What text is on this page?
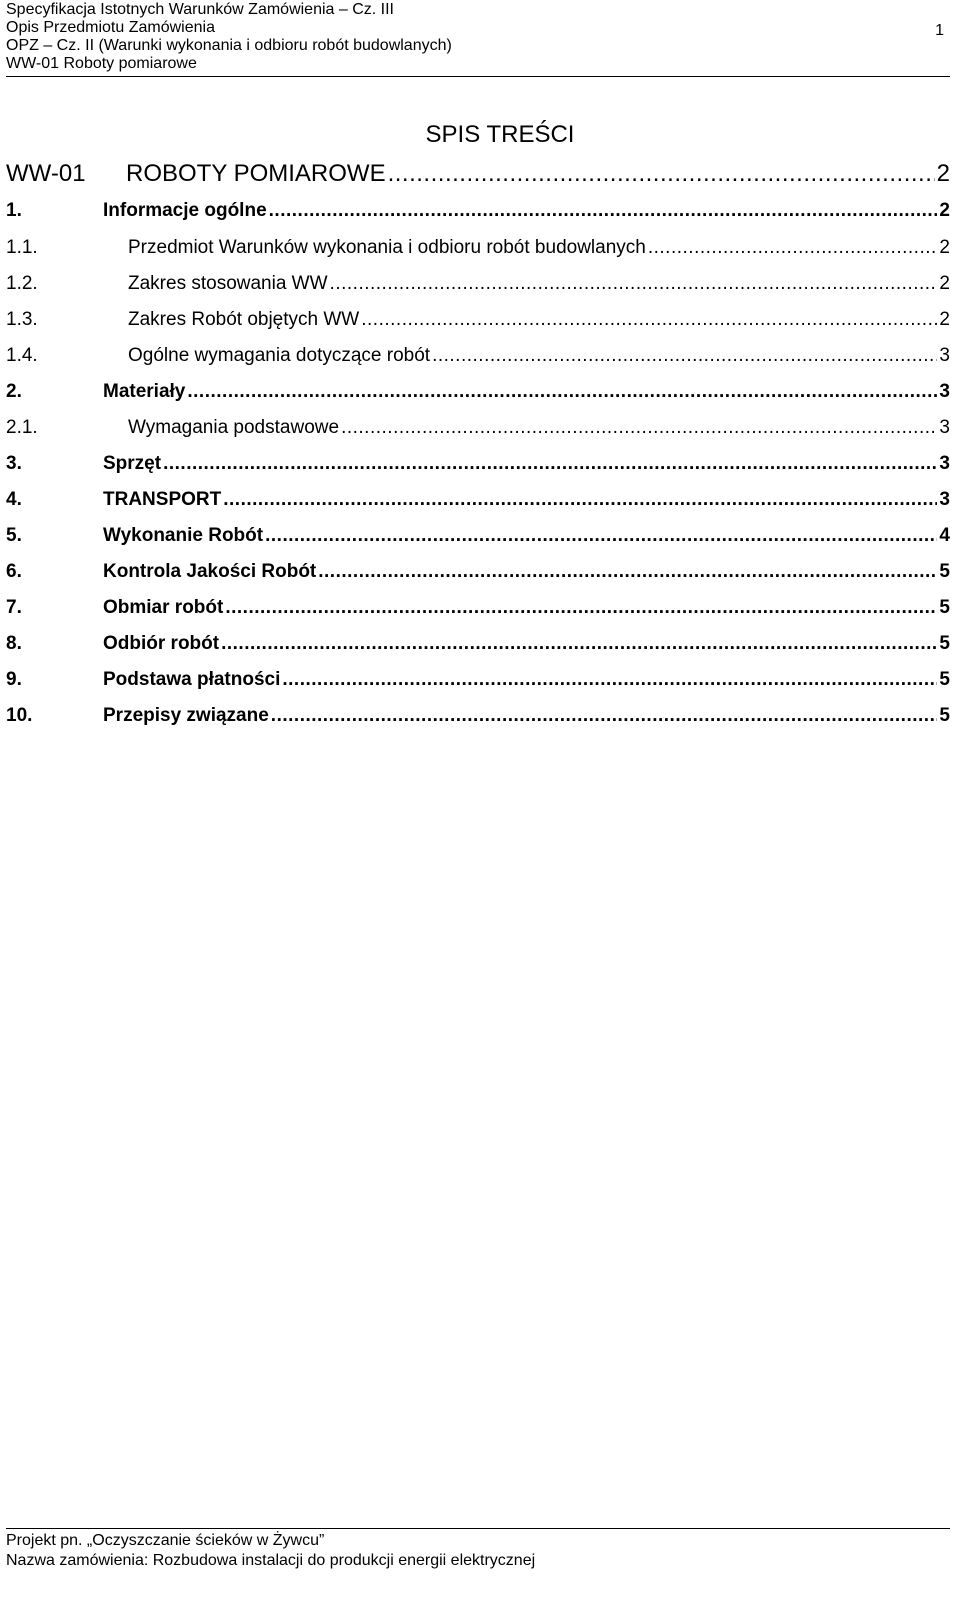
Specyfikacja Istotnych Warunków Zamówienia – Cz. III
Opis Przedmiotu Zamówienia
OPZ – Cz. II (Warunki wykonania i odbioru robót budowlanych)
WW-01 Roboty pomiarowe
1
SPIS TREŚCI
WW-01	ROBOTY POMIAROWE .....	2
1.	Informacje ogólne .....	2
1.1.	Przedmiot Warunków wykonania i odbioru robót budowlanych .....	2
1.2.	Zakres stosowania WW .....	2
1.3.	Zakres Robót objętych WW .....	2
1.4.	Ogólne wymagania dotyczące robót .....	3
2.	Materiały .....	3
2.1.	Wymagania podstawowe .....	3
3.	Sprzęt .....	3
4.	TRANSPORT .....	3
5.	Wykonanie Robót .....	4
6.	Kontrola Jakości Robót .....	5
7.	Obmiar robót .....	5
8.	Odbiór robót .....	5
9.	Podstawa płatności .....	5
10.	Przepisy związane .....	5
Projekt pn. „Oczyszczanie ścieków w Żywcu”
Nazwa zamówienia: Rozbudowa instalacji do produkcji energii elektrycznej
